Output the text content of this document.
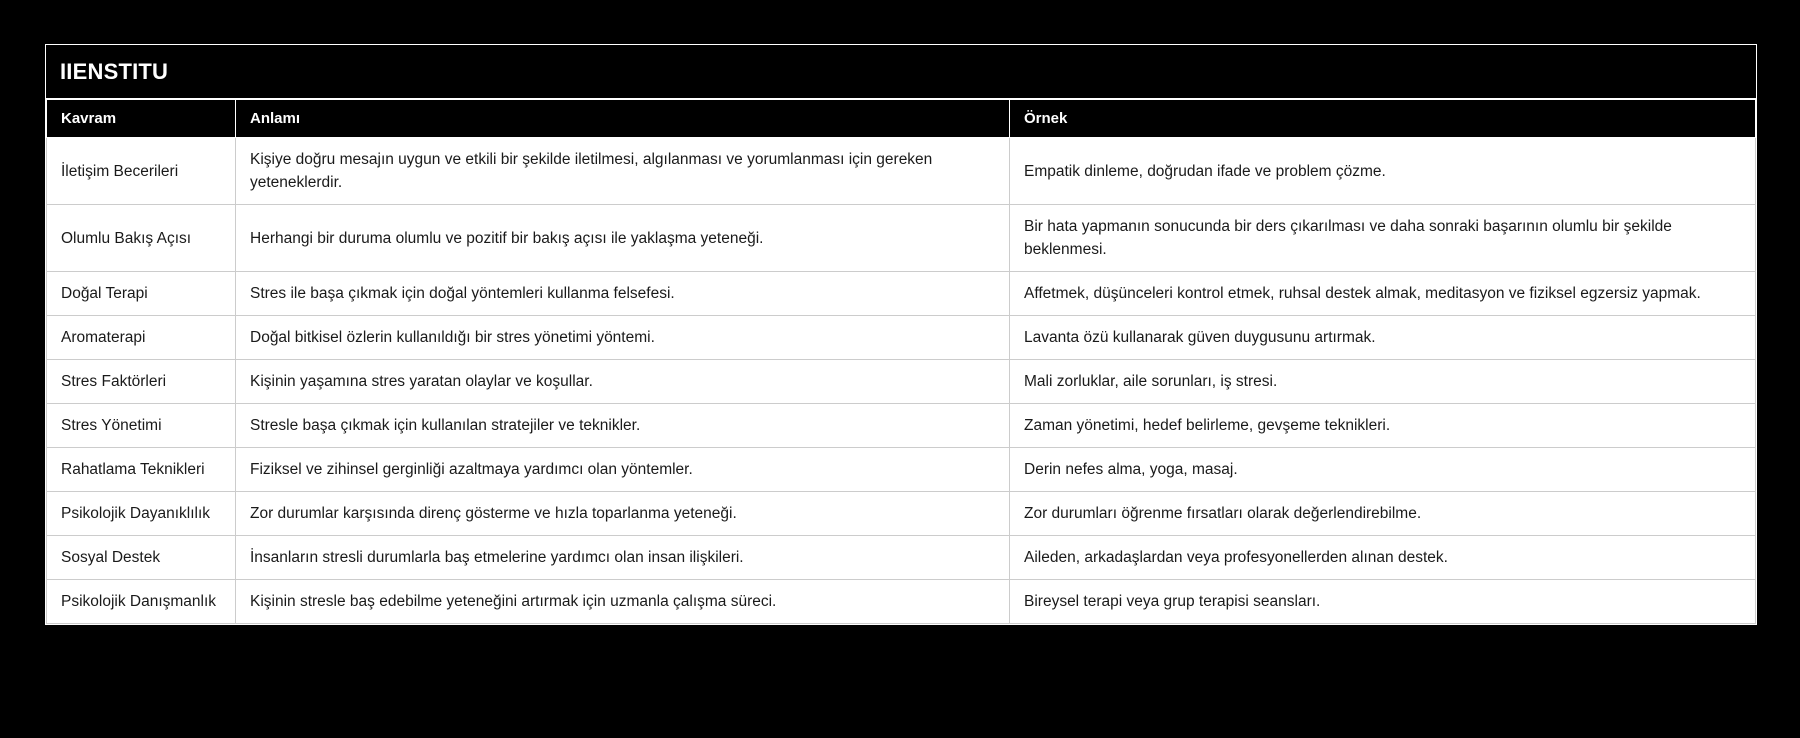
IIENSTITU
Kavram	Anlamı	Örnek
İletişim Becerileri	Kişiye doğru mesajın uygun ve etkili bir şekilde iletilmesi, algılanması ve yorumlanması için gereken yeteneklerdir.	Empatik dinleme, doğrudan ifade ve problem çözme.
Olumlu Bakış Açısı	Herhangi bir duruma olumlu ve pozitif bir bakış açısı ile yaklaşma yeteneği.	Bir hata yapmanın sonucunda bir ders çıkarılması ve daha sonraki başarının olumlu bir şekilde beklenmesi.
Doğal Terapi	Stres ile başa çıkmak için doğal yöntemleri kullanma felsefesi.	Affetmek, düşünceleri kontrol etmek, ruhsal destek almak, meditasyon ve fiziksel egzersiz yapmak.
Aromaterapi	Doğal bitkisel özlerin kullanıldığı bir stres yönetimi yöntemi.	Lavanta özü kullanarak güven duygusunu artırmak.
Stres Faktörleri	Kişinin yaşamına stres yaratan olaylar ve koşullar.	Mali zorluklar, aile sorunları, iş stresi.
Stres Yönetimi	Stresle başa çıkmak için kullanılan stratejiler ve teknikler.	Zaman yönetimi, hedef belirleme, gevşeme teknikleri.
Rahatlama Teknikleri	Fiziksel ve zihinsel gerginliği azaltmaya yardımcı olan yöntemler.	Derin nefes alma, yoga, masaj.
Psikolojik Dayanıklılık	Zor durumlar karşısında direnç gösterme ve hızla toparlanma yeteneği.	Zor durumları öğrenme fırsatları olarak değerlendirebilme.
Sosyal Destek	İnsanların stresli durumlarla baş etmelerine yardımcı olan insan ilişkileri.	Aileden, arkadaşlardan veya profesyonellerden alınan destek.
Psikolojik Danışmanlık	Kişinin stresle baş edebilme yeteneğini artırmak için uzmanla çalışma süreci.	Bireysel terapi veya grup terapisi seansları.
